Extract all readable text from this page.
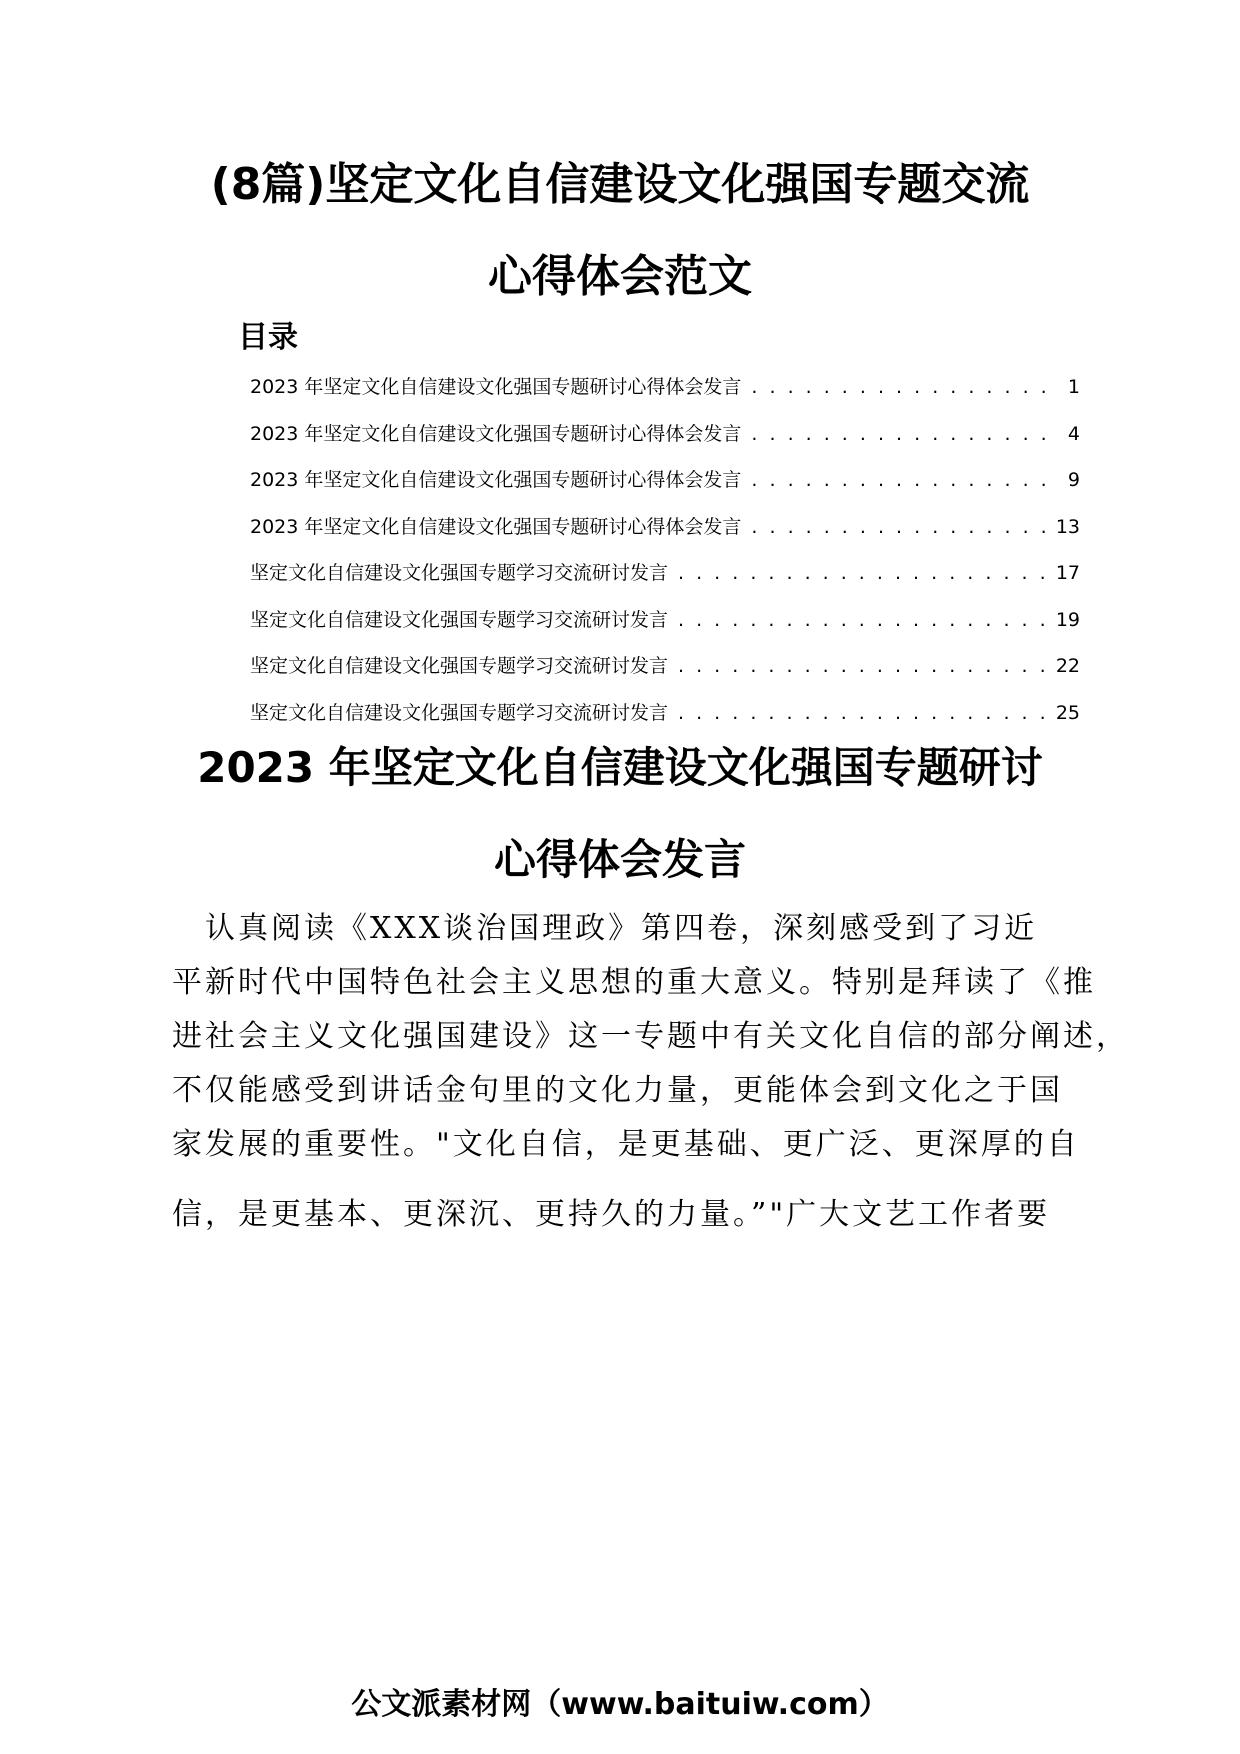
(8篇)坚定文化自信建设文化强国专题交流
心得体会范文
目录
2023 年坚定文化自信建设文化强国专题研讨心得体会发言 . . .	1
2023 年坚定文化自信建设文化强国专题研讨心得体会发言 . . .	4
2023 年坚定文化自信建设文化强国专题研讨心得体会发言 . . .	9
2023 年坚定文化自信建设文化强国专题研讨心得体会发言 . . .	13
坚定文化自信建设文化强国专题学习交流研讨发言 . . .	17
坚定文化自信建设文化强国专题学习交流研讨发言 . . .	19
坚定文化自信建设文化强国专题学习交流研讨发言 . . .	22
坚定文化自信建设文化强国专题学习交流研讨发言 . . .	25
2023 年坚定文化自信建设文化强国专题研讨
心得体会发言

　认真阅读《XXX谈治国理政》第四卷，深刻感受到了习近
平新时代中国特色社会主义思想的重大意义。特别是拜读了《推
进社会主义文化强国建设》这一专题中有关文化自信的部分阐述，
不仅能感受到讲话金句里的文化力量，更能体会到文化之于国
家发展的重要性。"文化自信，是更基础、更广泛、更深厚的自
信，是更基本、更深沉、更持久的力量。”"广大文艺工作者要

公文派素材网（www.baituiw.com）
